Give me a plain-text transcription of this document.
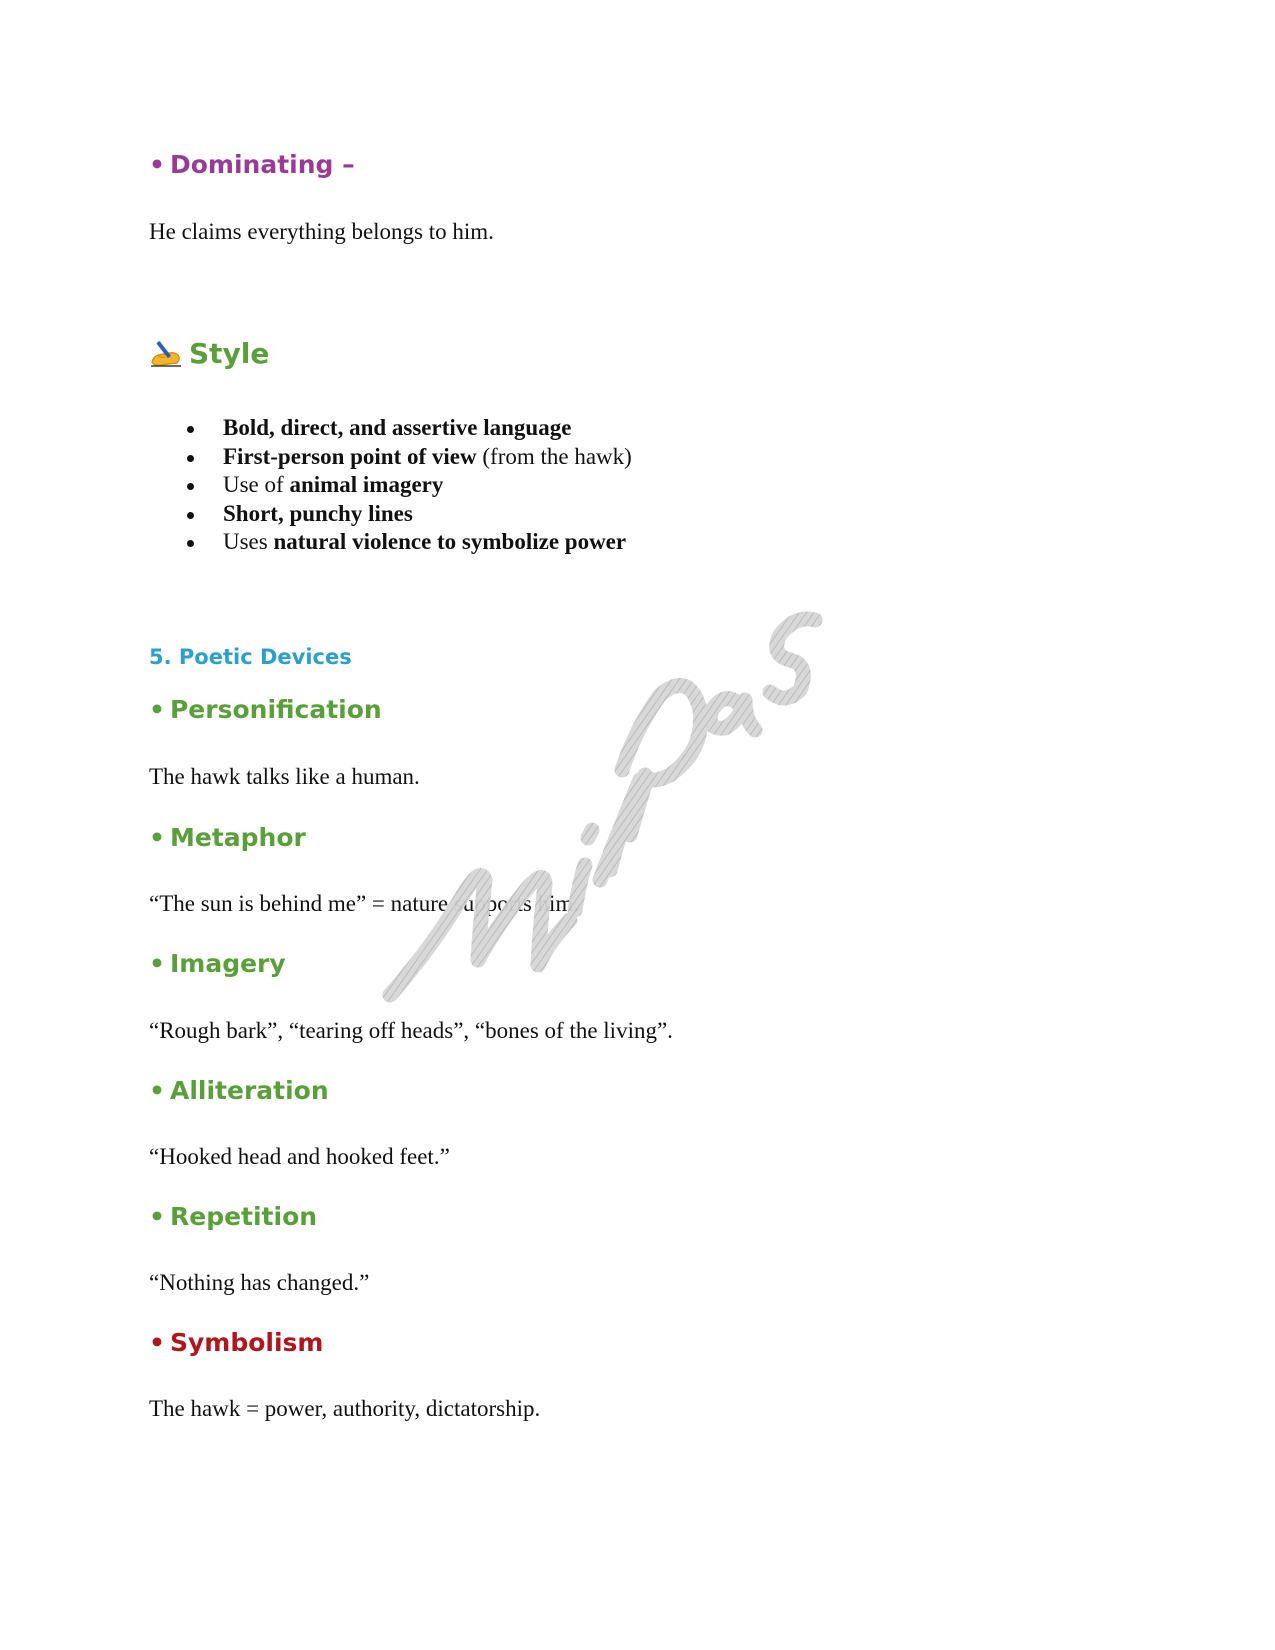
• Dominating –

He claims everything belongs to him.

Style
Bold, direct, and assertive language
First-person point of view (from the hawk)
Use of animal imagery
Short, punchy lines
Uses natural violence to symbolize power

5. Poetic Devices

• Personification

The hawk talks like a human.

• Metaphor

“The sun is behind me” = nature supports him.

• Imagery

“Rough bark”, “tearing off heads”, “bones of the living”.

• Alliteration

“Hooked head and hooked feet.”

• Repetition

“Nothing has changed.”

• Symbolism

The hawk = power, authority, dictatorship.
